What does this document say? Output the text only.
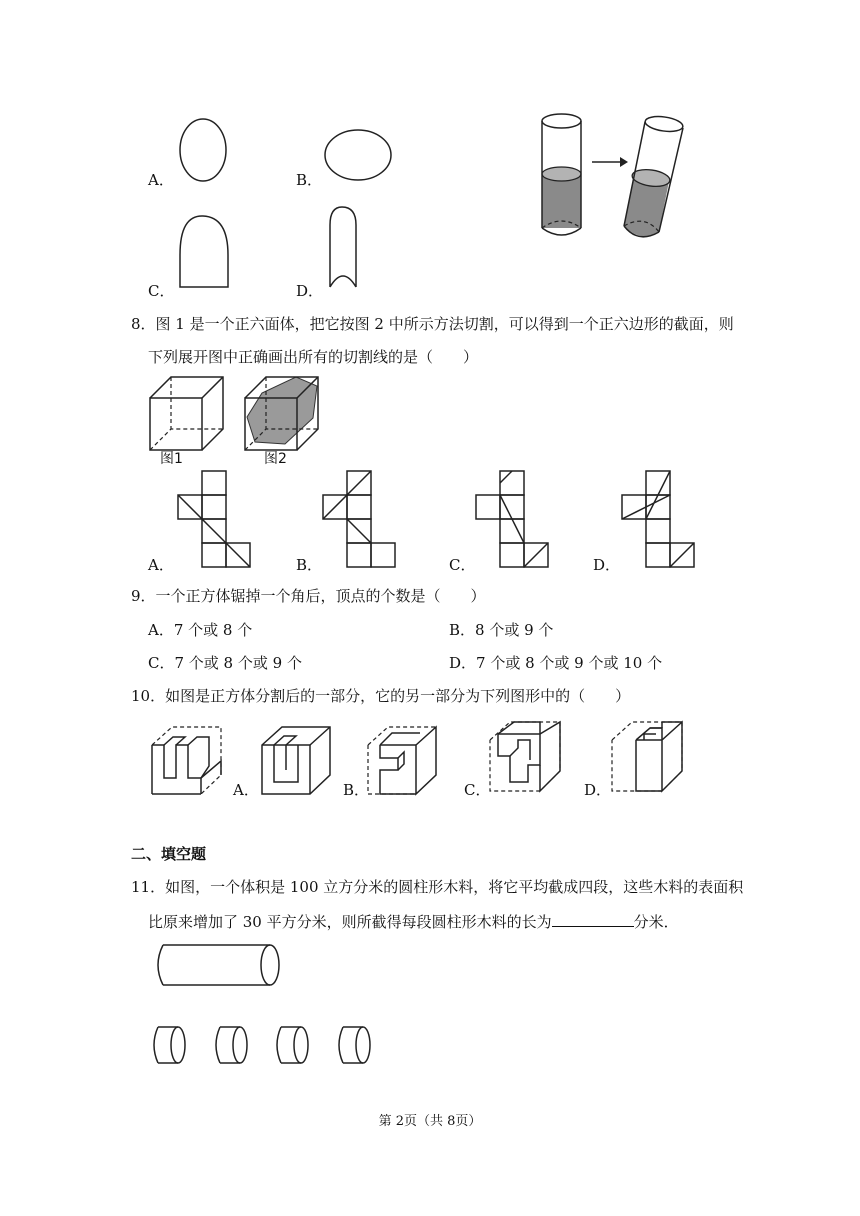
A．	B．
C．	D．
8．图 1 是一个正六面体，把它按图 2 中所示方法切割，可以得到一个正六边形的截面，则
下列展开图中正确画出所有的切割线的是（　　）
图1	图2
A．	B．	C．	D．
9．一个正方体锯掉一个角后，顶点的个数是（　　）
A．7 个或 8 个	B．8 个或 9 个
C．7 个或 8 个或 9 个	D．7 个或 8 个或 9 个或 10 个
10．如图是正方体分割后的一部分，它的另一部分为下列图形中的（　　）
A．	B．	C．	D．
二、填空题
11．如图，一个体积是 100 立方分米的圆柱形木料，将它平均截成四段，这些木料的表面积
比原来增加了 30 平方分米，则所截得每段圆柱形木料的长为	分米．
第 2页（共 8页）
